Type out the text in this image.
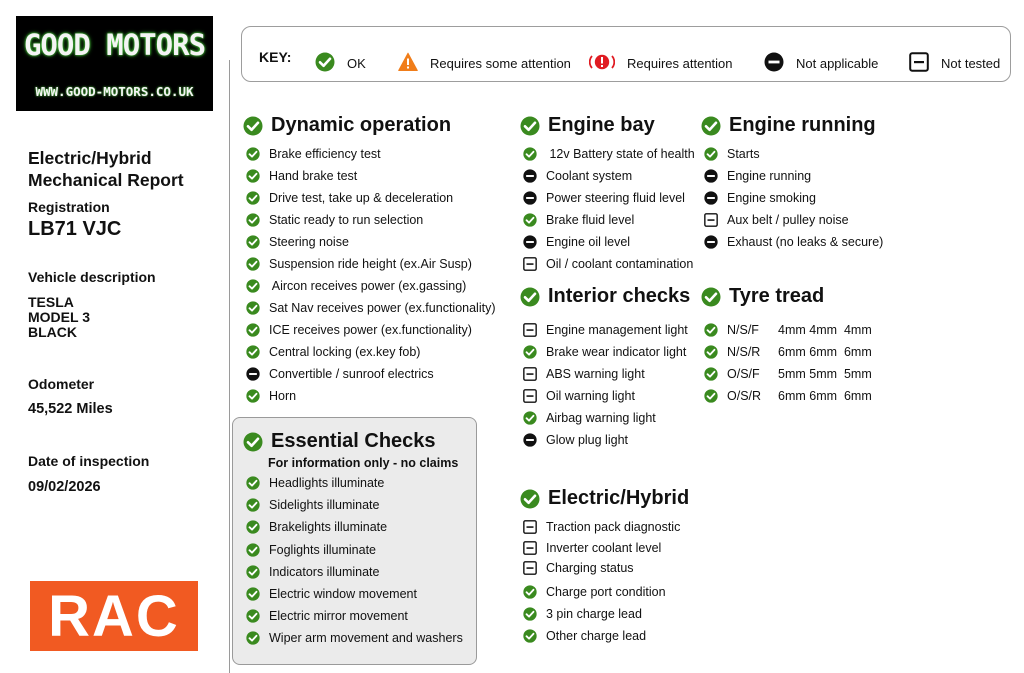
GOOD MOTORS
WWW.GOOD-MOTORS.CO.UK
Electric/Hybrid Mechanical Report
Registration
LB71 VJC
Vehicle description
TESLA
MODEL 3
BLACK
Odometer
45,522 Miles
Date of inspection
09/02/2026
RAC
KEY:	OK	Requires some attention	Requires attention	Not applicable	Not tested
Dynamic operation
Essential Checks
For information only - no claims
Engine bay
Interior checks
Electric/Hybrid
Engine running
Tyre tread
Brake efficiency test
Hand brake test
Drive test, take up & deceleration
Static ready to run selection
Steering noise
Suspension ride height (ex.Air Susp)
Aircon receives power (ex.gassing)
Sat Nav receives power (ex.functionality)
ICE receives power (ex.functionality)
Central locking (ex.key fob)
Convertible / sunroof electrics
Horn
Headlights illuminate
Sidelights illuminate
Brakelights illuminate
Foglights illuminate
Indicators illuminate
Electric window movement
Electric mirror movement
Wiper arm movement and washers
12v Battery state of health
Coolant system
Power steering fluid level
Brake fluid level
Engine oil level
Oil / coolant contamination
Engine management light
Brake wear indicator light
ABS warning light
Oil warning light
Airbag warning light
Glow plug light
Traction pack diagnostic
Inverter coolant level
Charging status
Charge port condition
3 pin charge lead
Other charge lead
Starts
Engine running
Engine smoking
Aux belt / pulley noise
Exhaust (no leaks & secure)
N/S/F	4mm 4mm  4mm
N/S/R	6mm 6mm  6mm
O/S/F	5mm 5mm  5mm
O/S/R	6mm 6mm  6mm
